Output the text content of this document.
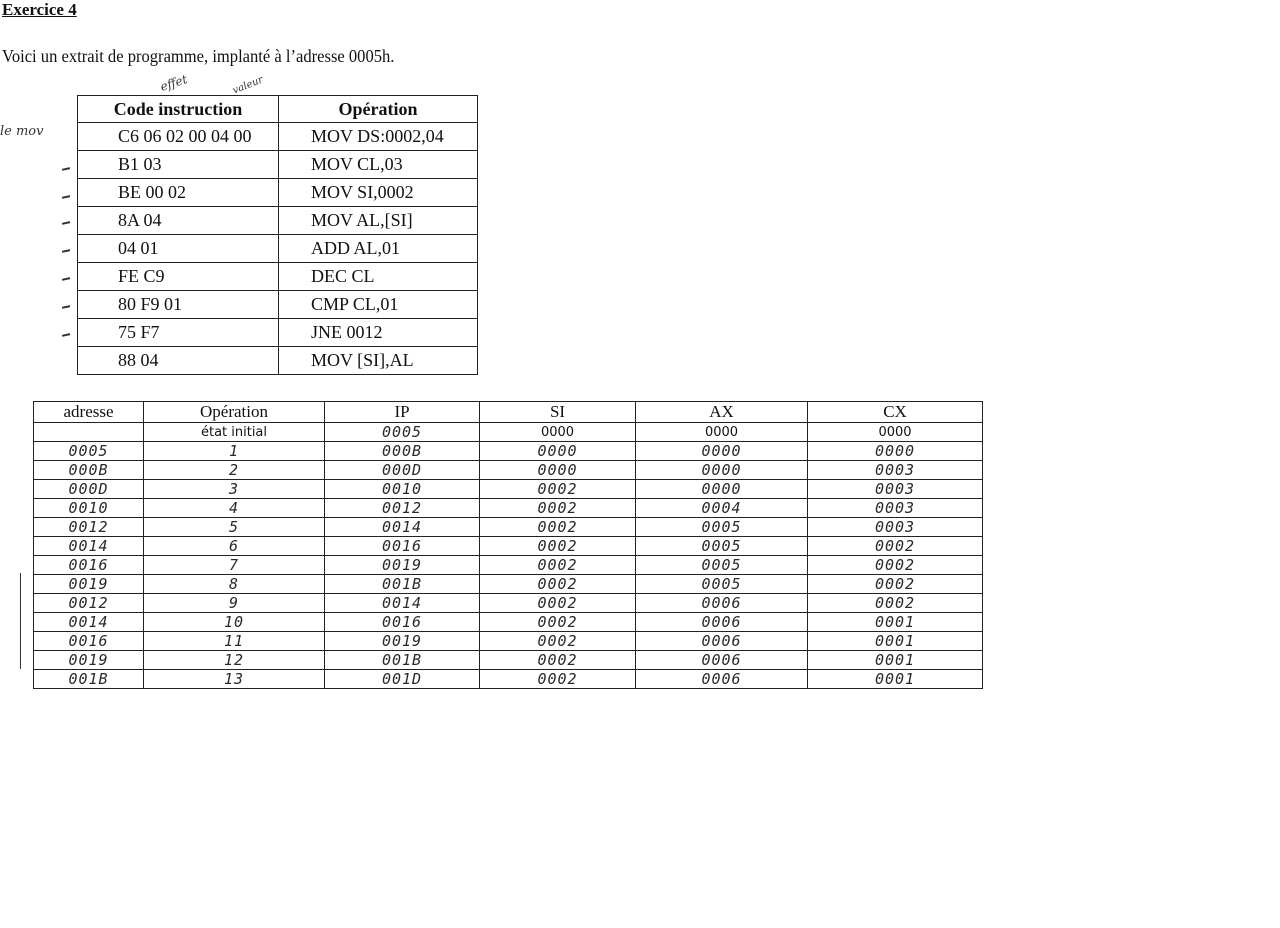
Exercice 4
Voici un extrait de programme, implanté à l’adresse 0005h.
effet	valeur
le mov
Code instruction	Opération
C6 06 02 00 04 00	MOV DS:0002,04
B1 03	MOV CL,03
BE 00 02	MOV SI,0002
8A 04	MOV AL,[SI]
04 01	ADD AL,01
FE C9	DEC CL
80 F9 01	CMP CL,01
75 F7	JNE 0012
88 04	MOV [SI],AL
adresse	Opération	IP	SI	AX	CX
	état initial	0005	0000	0000	0000
0005	1	000B	0000	0000	0000
000B	2	000D	0000	0000	0003
000D	3	0010	0002	0000	0003
0010	4	0012	0002	0004	0003
0012	5	0014	0002	0005	0003
0014	6	0016	0002	0005	0002
0016	7	0019	0002	0005	0002
0019	8	001B	0002	0005	0002
0012	9	0014	0002	0006	0002
0014	10	0016	0002	0006	0001
0016	11	0019	0002	0006	0001
0019	12	001B	0002	0006	0001
001B	13	001D	0002	0006	0001
